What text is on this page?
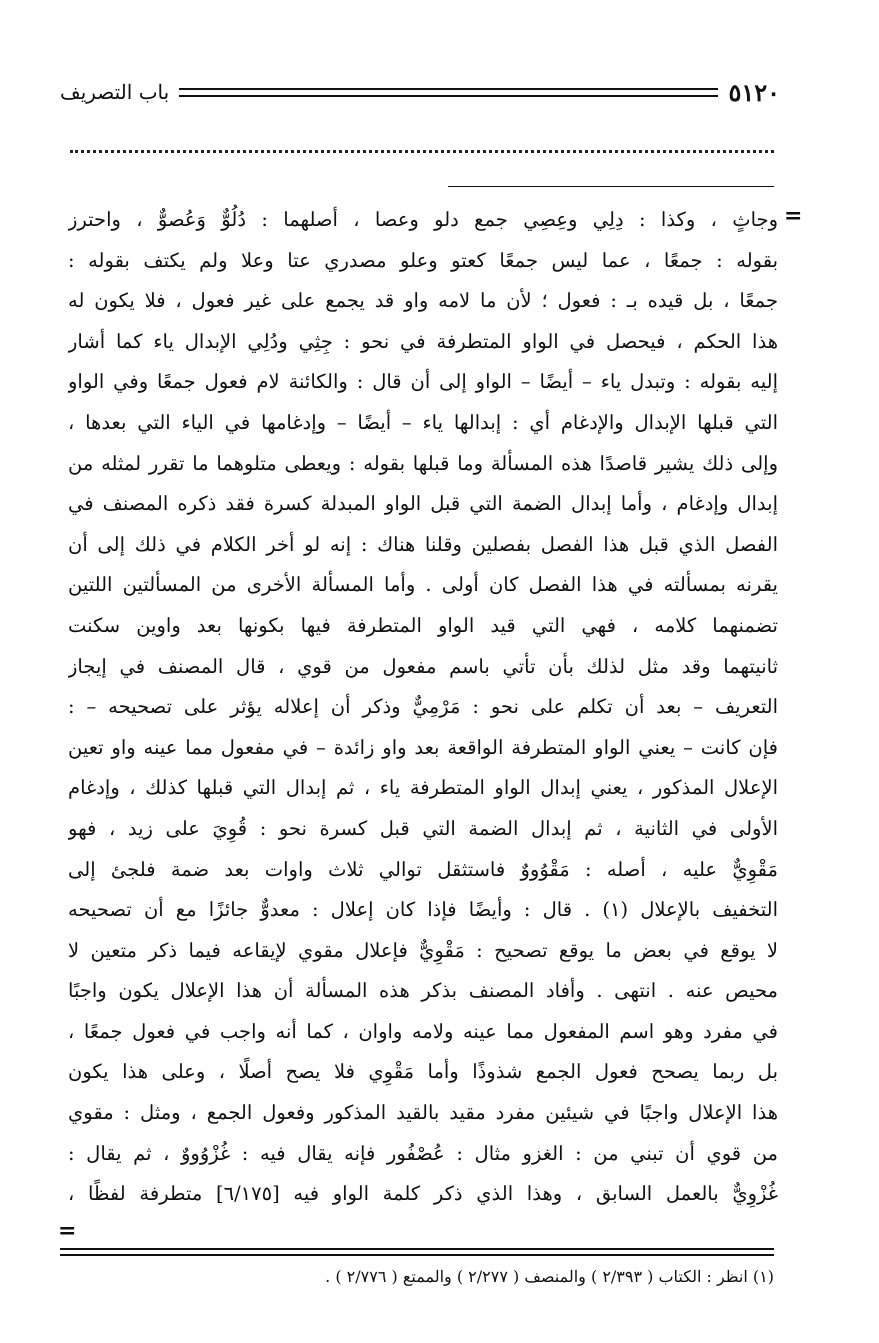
٥١٢٠
باب التصريف
=
وجاثٍ ، وكذا : دِلِي وعِصِي جمع دلو وعصا ، أصلهما : دُلُوٌّ وَعُصوٌّ ، واحترز
بقوله : جمعًا ، عما ليس جمعًا كعتو وعلو مصدري عتا وعلا ولم يكتف بقوله :
جمعًا ، بل قيده بـ : فعول ؛ لأن ما لامه واو قد يجمع على غير فعول ، فلا يكون له
هذا الحكم ، فيحصل في الواو المتطرفة في نحو : جِثِي ودُلِي الإبدال ياء كما أشار
إليه بقوله : وتبدل ياء – أيضًا – الواو إلى أن قال : والكائنة لام فعول جمعًا وفي الواو
التي قبلها الإبدال والإدغام أي : إبدالها ياء – أيضًا – وإدغامها في الياء التي بعدها ،
وإلى ذلك يشير قاصدًا هذه المسألة وما قبلها بقوله : ويعطى متلوهما ما تقرر لمثله من
إبدال وإدغام ، وأما إبدال الضمة التي قبل الواو المبدلة كسرة فقد ذكره المصنف في
الفصل الذي قبل هذا الفصل بفصلين وقلنا هناك : إنه لو أخر الكلام في ذلك إلى أن
يقرنه بمسألته في هذا الفصل كان أولى . وأما المسألة الأخرى من المسألتين اللتين
تضمنهما كلامه ، فهي التي قيد الواو المتطرفة فيها بكونها بعد واوين سكنت
ثانيتهما وقد مثل لذلك بأن تأتي باسم مفعول من قوي ، قال المصنف في إيجاز
التعريف – بعد أن تكلم على نحو : مَرْمِيٌّ وذكر أن إعلاله يؤثر على تصحيحه – :
فإن كانت – يعني الواو المتطرفة الواقعة بعد واو زائدة – في مفعول مما عينه واو تعين
الإعلال المذكور ، يعني إبدال الواو المتطرفة ياء ، ثم إبدال التي قبلها كذلك ، وإدغام
الأولى في الثانية ، ثم إبدال الضمة التي قبل كسرة نحو : قُوِيَ على زيد ، فهو
مَقْوِيٌّ عليه ، أصله : مَقْوُووٌ فاستثقل توالي ثلاث واوات بعد ضمة فلجئ إلى
التخفيف بالإعلال (١) . قال : وأيضًا فإذا كان إعلال : معدوٌّ جائزًا مع أن تصحيحه
لا يوقع في بعض ما يوقع تصحيح : مَقْوِيٌّ فإعلال مقوي لإيقاعه فيما ذكر متعين لا
محيص عنه . انتهى . وأفاد المصنف بذكر هذه المسألة أن هذا الإعلال يكون واجبًا
في مفرد وهو اسم المفعول مما عينه ولامه واوان ، كما أنه واجب في فعول جمعًا ،
بل ربما يصحح فعول الجمع شذوذًا وأما مَقْوِي فلا يصح أصلًا ، وعلى هذا يكون
هذا الإعلال واجبًا في شيئين مفرد مقيد بالقيد المذكور وفعول الجمع ، ومثل : مقوي
من قوي أن تبني من : الغزو مثال : عُصْفُور فإنه يقال فيه : غُزْوُووٌ ، ثم يقال :
غُزْوِيٌّ بالعمل السابق ، وهذا الذي ذكر كلمة الواو فيه [٦/١٧٥] متطرفة لفظًا ،
=
(١) انظر : الكتاب ( ٢/٣٩٣ ) والمنصف ( ٢/٢٧٧ ) والممتع ( ٢/٧٧٦ ) .
